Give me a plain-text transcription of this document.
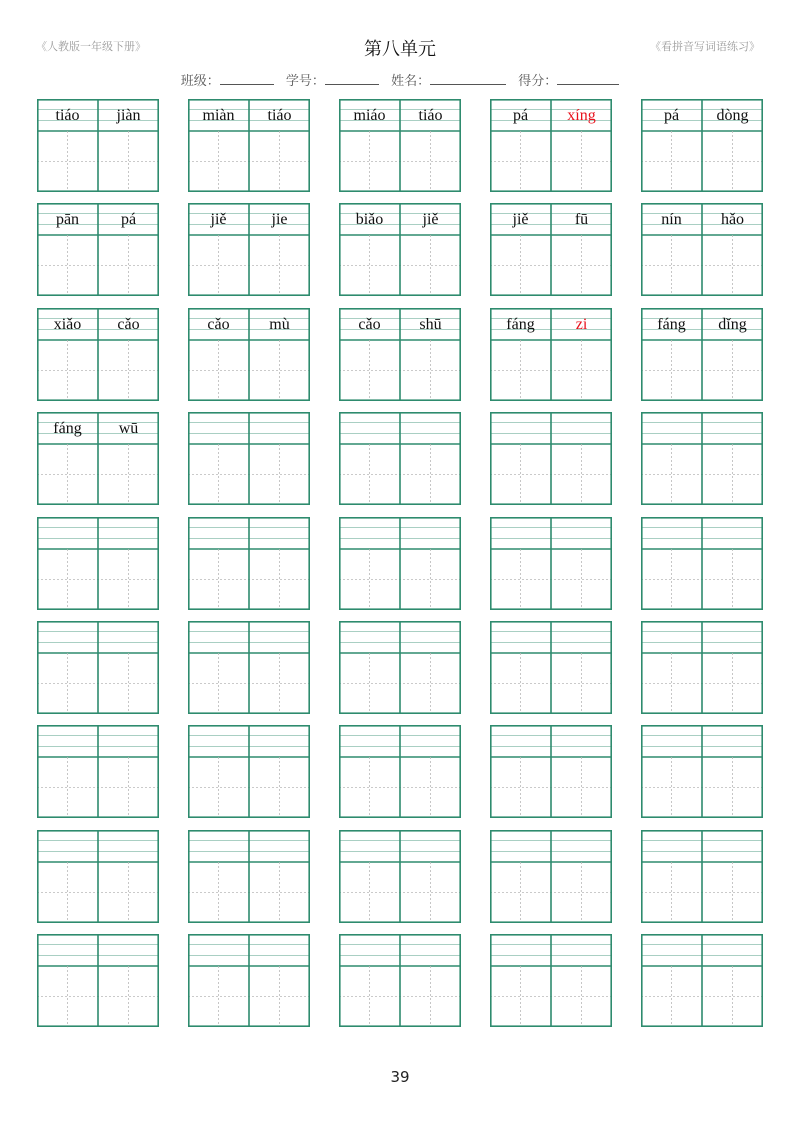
《人教版一年级下册》	第八单元	《看拼音写词语练习》
班级：	学号：	姓名：	得分：
tiáo	jiàn	miàn	tiáo	miáo	tiáo	pá	xíng	pá	dòng
pān	pá	jiě	jie	biǎo	jiě	jiě	fū	nín	hǎo
xiǎo	cǎo	cǎo	mù	cǎo	shū	fáng	zi	fáng	dǐng
fáng	wū
39
